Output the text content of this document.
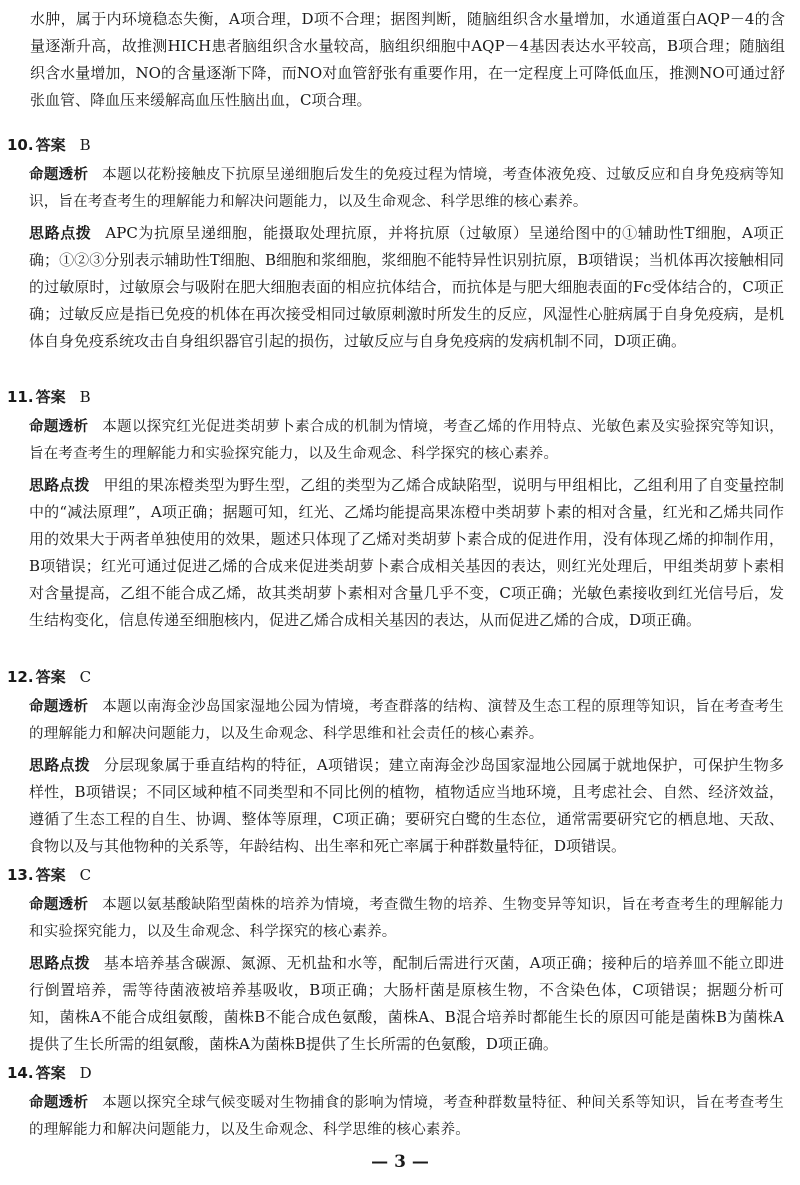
水肿，属于内环境稳态失衡，A项合理，D项不合理；据图判断，随脑组织含水量增加，水通道蛋白AQP－4的含量逐渐升高，故推测HICH患者脑组织含水量较高，脑组织细胞中AQP－4基因表达水平较高，B项合理；随脑组织含水量增加，NO的含量逐渐下降，而NO对血管舒张有重要作用，在一定程度上可降低血压，推测NO可通过舒张血管、降血压来缓解高血压性脑出血，C项合理。
10. 答案 B
命题透析 本题以花粉接触皮下抗原呈递细胞后发生的免疫过程为情境，考查体液免疫、过敏反应和自身免疫病等知识，旨在考查考生的理解能力和解决问题能力，以及生命观念、科学思维的核心素养。
思路点拨 APC为抗原呈递细胞，能摄取处理抗原，并将抗原（过敏原）呈递给图中的①辅助性T细胞，A项正确；①②③分别表示辅助性T细胞、B细胞和浆细胞，浆细胞不能特异性识别抗原，B项错误；当机体再次接触相同的过敏原时，过敏原会与吸附在肥大细胞表面的相应抗体结合，而抗体是与肥大细胞表面的Fc受体结合的，C项正确；过敏反应是指已免疫的机体在再次接受相同过敏原刺激时所发生的反应，风湿性心脏病属于自身免疫病，是机体自身免疫系统攻击自身组织器官引起的损伤，过敏反应与自身免疫病的发病机制不同，D项正确。
11. 答案 B
命题透析 本题以探究红光促进类胡萝卜素合成的机制为情境，考查乙烯的作用特点、光敏色素及实验探究等知识，旨在考查考生的理解能力和实验探究能力，以及生命观念、科学探究的核心素养。
思路点拨 甲组的果冻橙类型为野生型，乙组的类型为乙烯合成缺陷型，说明与甲组相比，乙组利用了自变量控制中的“减法原理”，A项正确；据题可知，红光、乙烯均能提高果冻橙中类胡萝卜素的相对含量，红光和乙烯共同作用的效果大于两者单独使用的效果，题述只体现了乙烯对类胡萝卜素合成的促进作用，没有体现乙烯的抑制作用，B项错误；红光可通过促进乙烯的合成来促进类胡萝卜素合成相关基因的表达，则红光处理后，甲组类胡萝卜素相对含量提高，乙组不能合成乙烯，故其类胡萝卜素相对含量几乎不变，C项正确；光敏色素接收到红光信号后，发生结构变化，信息传递至细胞核内，促进乙烯合成相关基因的表达，从而促进乙烯的合成，D项正确。
12. 答案 C
命题透析 本题以南海金沙岛国家湿地公园为情境，考查群落的结构、演替及生态工程的原理等知识，旨在考查考生的理解能力和解决问题能力，以及生命观念、科学思维和社会责任的核心素养。
思路点拨 分层现象属于垂直结构的特征，A项错误；建立南海金沙岛国家湿地公园属于就地保护，可保护生物多样性，B项错误；不同区域种植不同类型和不同比例的植物，植物适应当地环境，且考虑社会、自然、经济效益，遵循了生态工程的自生、协调、整体等原理，C项正确；要研究白鹭的生态位，通常需要研究它的栖息地、天敌、食物以及与其他物种的关系等，年龄结构、出生率和死亡率属于种群数量特征，D项错误。
13. 答案 C
命题透析 本题以氨基酸缺陷型菌株的培养为情境，考查微生物的培养、生物变异等知识，旨在考查考生的理解能力和实验探究能力，以及生命观念、科学探究的核心素养。
思路点拨 基本培养基含碳源、氮源、无机盐和水等，配制后需进行灭菌，A项正确；接种后的培养皿不能立即进行倒置培养，需等待菌液被培养基吸收，B项正确；大肠杆菌是原核生物，不含染色体，C项错误；据题分析可知，菌株A不能合成组氨酸，菌株B不能合成色氨酸，菌株A、B混合培养时都能生长的原因可能是菌株B为菌株A提供了生长所需的组氨酸，菌株A为菌株B提供了生长所需的色氨酸，D项正确。
14. 答案 D
命题透析 本题以探究全球气候变暖对生物捕食的影响为情境，考查种群数量特征、种间关系等知识，旨在考查考生的理解能力和解决问题能力，以及生命观念、科学思维的核心素养。
— 3 —
